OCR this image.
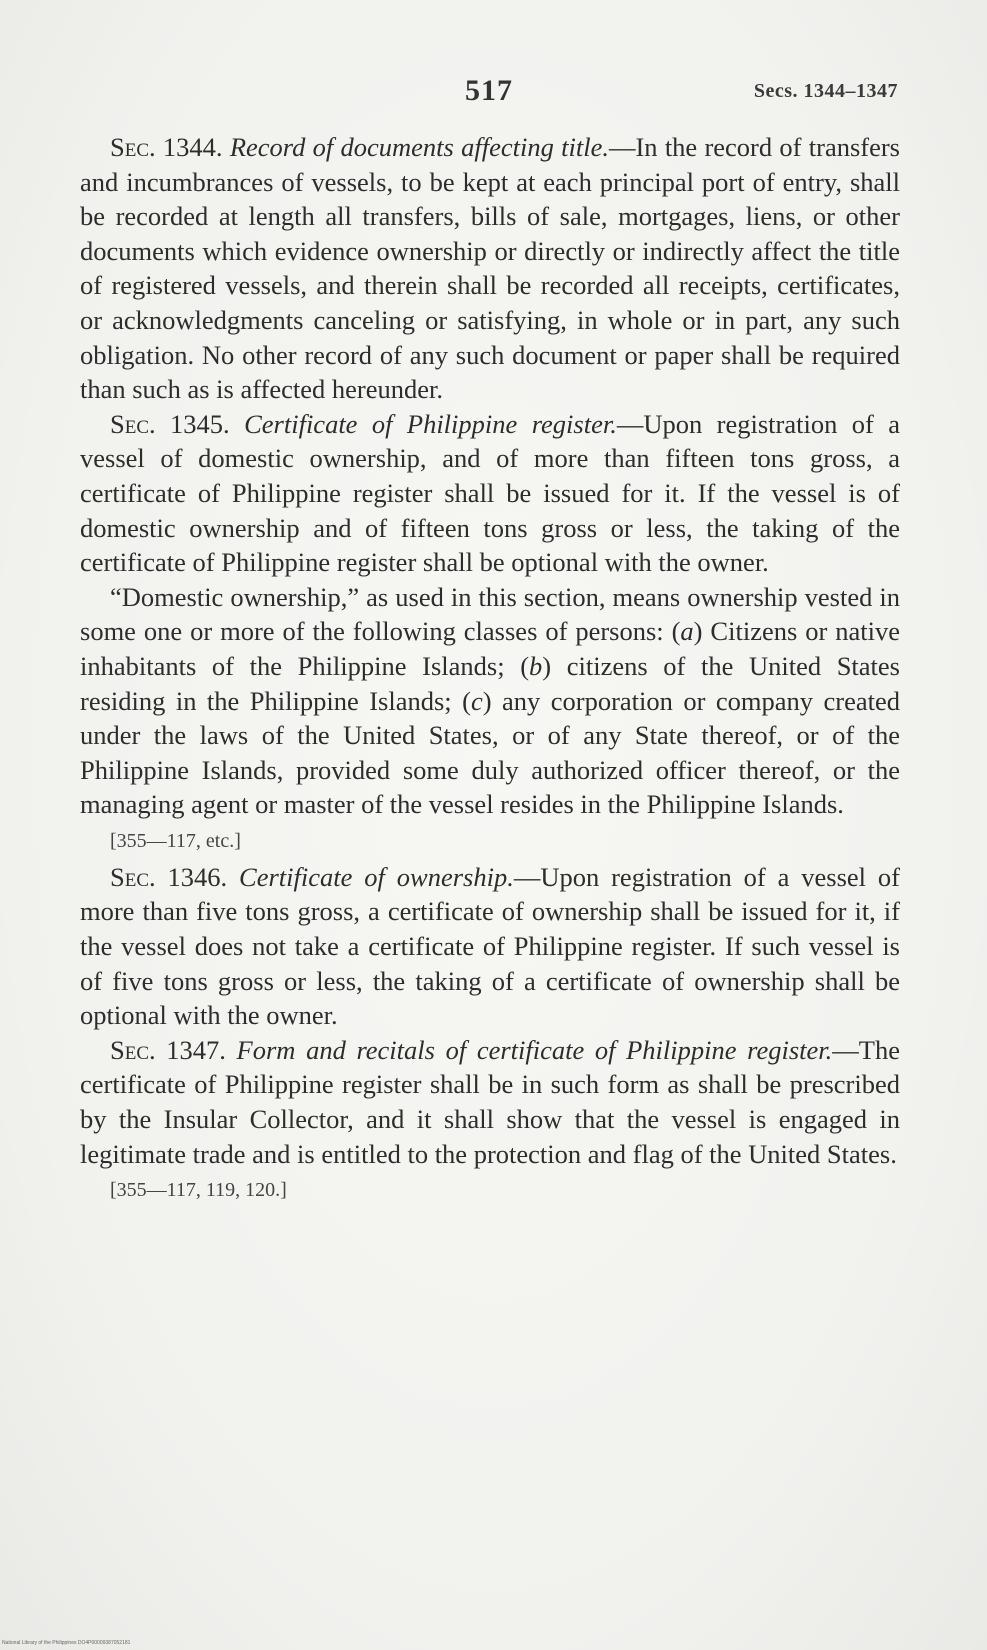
517	Secs. 1344–1347

Sec. 1344. Record of documents affecting title.—In the record of transfers and incumbrances of vessels, to be kept at each principal port of entry, shall be recorded at length all transfers, bills of sale, mortgages, liens, or other documents which evidence ownership or directly or indirectly affect the title of registered vessels, and therein shall be recorded all receipts, certificates, or acknowledgments canceling or satisfying, in whole or in part, any such obligation. No other record of any such document or paper shall be required than such as is affected hereunder.

Sec. 1345. Certificate of Philippine register.—Upon registration of a vessel of domestic ownership, and of more than fifteen tons gross, a certificate of Philippine register shall be issued for it. If the vessel is of domestic ownership and of fifteen tons gross or less, the taking of the certificate of Philippine register shall be optional with the owner.

“Domestic ownership,” as used in this section, means ownership vested in some one or more of the following classes of persons: (a) Citizens or native inhabitants of the Philippine Islands; (b) citizens of the United States residing in the Philippine Islands; (c) any corporation or company created under the laws of the United States, or of any State thereof, or of the Philippine Islands, provided some duly authorized officer thereof, or the managing agent or master of the vessel resides in the Philippine Islands.

[355—117, etc.]

Sec. 1346. Certificate of ownership.—Upon registration of a vessel of more than five tons gross, a certificate of ownership shall be issued for it, if the vessel does not take a certificate of Philippine register. If such vessel is of five tons gross or less, the taking of a certificate of ownership shall be optional with the owner.

Sec. 1347. Form and recitals of certificate of Philippine register.—The certificate of Philippine register shall be in such form as shall be prescribed by the Insular Collector, and it shall show that the vessel is engaged in legitimate trade and is entitled to the protection and flag of the United States.

[355—117, 119, 120.]

National Library of the Philippines DO4P00009387052181
